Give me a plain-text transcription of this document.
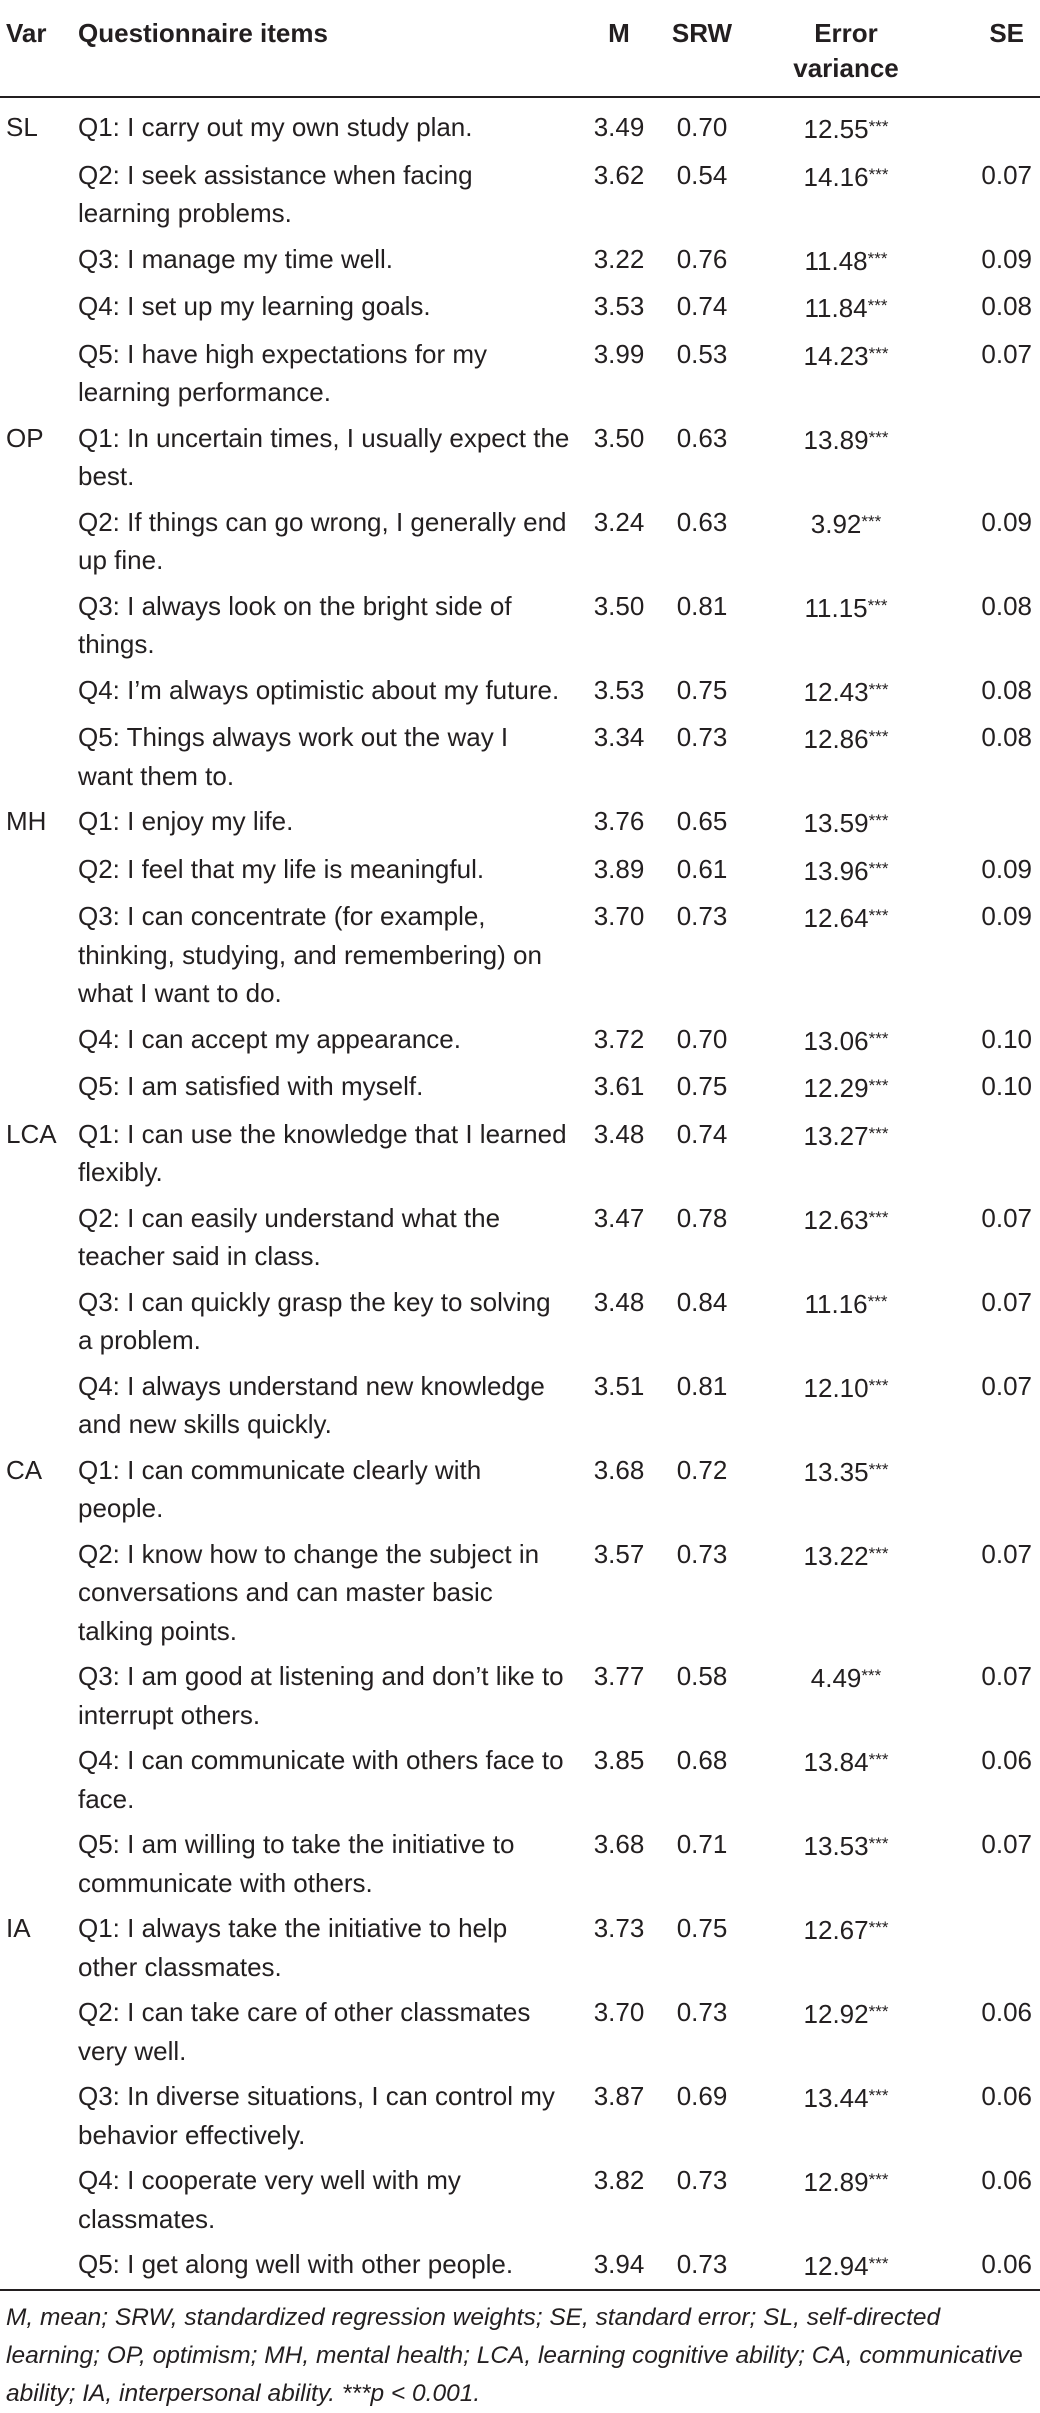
Var	Questionnaire items	M	SRW	Error variance	SE
SL	Q1: I carry out my own study plan.	3.49	0.70	12.55***	
	Q2: I seek assistance when facing learning problems.	3.62	0.54	14.16***	0.07
	Q3: I manage my time well.	3.22	0.76	11.48***	0.09
	Q4: I set up my learning goals.	3.53	0.74	11.84***	0.08
	Q5: I have high expectations for my learning performance.	3.99	0.53	14.23***	0.07
OP	Q1: In uncertain times, I usually expect the best.	3.50	0.63	13.89***	
	Q2: If things can go wrong, I generally end up fine.	3.24	0.63	3.92***	0.09
	Q3: I always look on the bright side of things.	3.50	0.81	11.15***	0.08
	Q4: I’m always optimistic about my future.	3.53	0.75	12.43***	0.08
	Q5: Things always work out the way I want them to.	3.34	0.73	12.86***	0.08
MH	Q1: I enjoy my life.	3.76	0.65	13.59***	
	Q2: I feel that my life is meaningful.	3.89	0.61	13.96***	0.09
	Q3: I can concentrate (for example, thinking, studying, and remembering) on what I want to do.	3.70	0.73	12.64***	0.09
	Q4: I can accept my appearance.	3.72	0.70	13.06***	0.10
	Q5: I am satisfied with myself.	3.61	0.75	12.29***	0.10
LCA	Q1: I can use the knowledge that I learned flexibly.	3.48	0.74	13.27***	
	Q2: I can easily understand what the teacher said in class.	3.47	0.78	12.63***	0.07
	Q3: I can quickly grasp the key to solving a problem.	3.48	0.84	11.16***	0.07
	Q4: I always understand new knowledge and new skills quickly.	3.51	0.81	12.10***	0.07
CA	Q1: I can communicate clearly with people.	3.68	0.72	13.35***	
	Q2: I know how to change the subject in conversations and can master basic talking points.	3.57	0.73	13.22***	0.07
	Q3: I am good at listening and don’t like to interrupt others.	3.77	0.58	4.49***	0.07
	Q4: I can communicate with others face to face.	3.85	0.68	13.84***	0.06
	Q5: I am willing to take the initiative to communicate with others.	3.68	0.71	13.53***	0.07
IA	Q1: I always take the initiative to help other classmates.	3.73	0.75	12.67***	
	Q2: I can take care of other classmates very well.	3.70	0.73	12.92***	0.06
	Q3: In diverse situations, I can control my behavior effectively.	3.87	0.69	13.44***	0.06
	Q4: I cooperate very well with my classmates.	3.82	0.73	12.89***	0.06
	Q5: I get along well with other people.	3.94	0.73	12.94***	0.06

M, mean; SRW, standardized regression weights; SE, standard error; SL, self-directed learning; OP, optimism; MH, mental health; LCA, learning cognitive ability; CA, communicative ability; IA, interpersonal ability. ***p < 0.001.
